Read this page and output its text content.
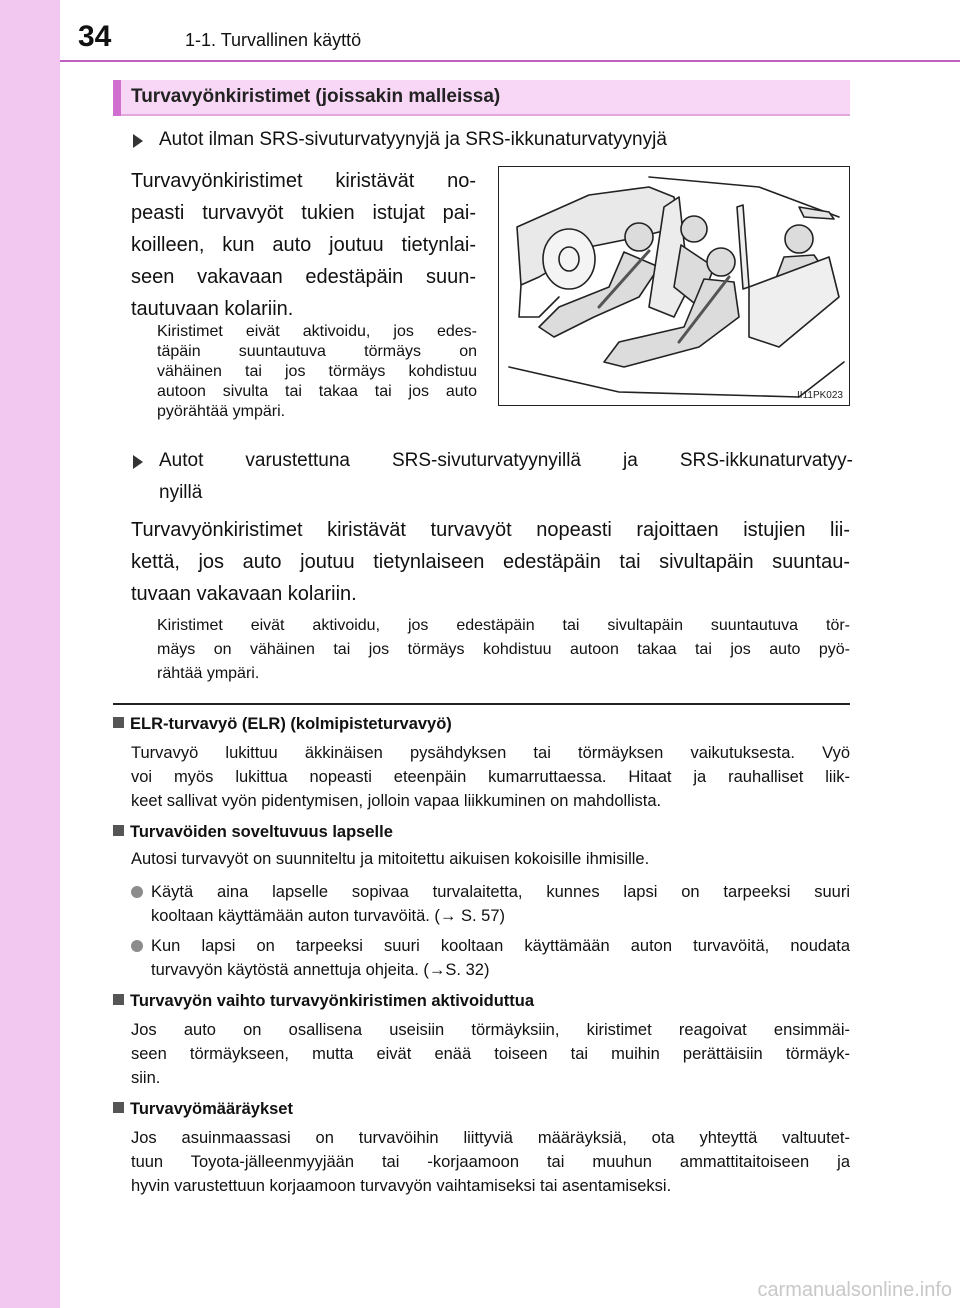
34	1-1. Turvallinen käyttö
Turvavyönkiristimet (joissakin malleissa)
Autot ilman SRS-sivuturvatyynyjä ja SRS-ikkunaturvatyynyjä
Turvavyönkiristimet kiristävät no-
peasti turvavyöt tukien istujat pai-
koilleen, kun auto joutuu tietynlai-
seen vakavaan edestäpäin suun-
tautuvaan kolariin.
Kiristimet eivät aktivoidu, jos edes-
täpäin suuntautuva törmäys on
vähäinen tai jos törmäys kohdistuu
autoon sivulta tai takaa tai jos auto
pyörähtää ympäri.
II11PK023
Autot varustettuna SRS-sivuturvatyynyillä ja SRS-ikkunaturvatyy-
nyillä
Turvavyönkiristimet kiristävät turvavyöt nopeasti rajoittaen istujien lii-
kettä, jos auto joutuu tietynlaiseen edestäpäin tai sivultapäin suuntau-
tuvaan vakavaan kolariin.
Kiristimet eivät aktivoidu, jos edestäpäin tai sivultapäin suuntautuva tör-
mäys on vähäinen tai jos törmäys kohdistuu autoon takaa tai jos auto pyö-
rähtää ympäri.
ELR-turvavyö (ELR) (kolmipisteturvavyö)
Turvavyö lukittuu äkkinäisen pysähdyksen tai törmäyksen vaikutuksesta. Vyö
voi myös lukittua nopeasti eteenpäin kumarruttaessa. Hitaat ja rauhalliset liik-
keet sallivat vyön pidentymisen, jolloin vapaa liikkuminen on mahdollista.
Turvavöiden soveltuvuus lapselle
Autosi turvavyöt on suunniteltu ja mitoitettu aikuisen kokoisille ihmisille.
Käytä aina lapselle sopivaa turvalaitetta, kunnes lapsi on tarpeeksi suuri
kooltaan käyttämään auton turvavöitä. (→ S. 57)
Kun lapsi on tarpeeksi suuri kooltaan käyttämään auton turvavöitä, noudata
turvavyön käytöstä annettuja ohjeita. (→S. 32)
Turvavyön vaihto turvavyönkiristimen aktivoiduttua
Jos auto on osallisena useisiin törmäyksiin, kiristimet reagoivat ensimmäi-
seen törmäykseen, mutta eivät enää toiseen tai muihin perättäisiin törmäyk-
siin.
Turvavyömääräykset
Jos asuinmaassasi on turvavöihin liittyviä määräyksiä, ota yhteyttä valtuutet-
tuun Toyota-jälleenmyyjään tai -korjaamoon tai muuhun ammattitaitoiseen ja
hyvin varustettuun korjaamoon turvavyön vaihtamiseksi tai asentamiseksi.
carmanualsonline.info
